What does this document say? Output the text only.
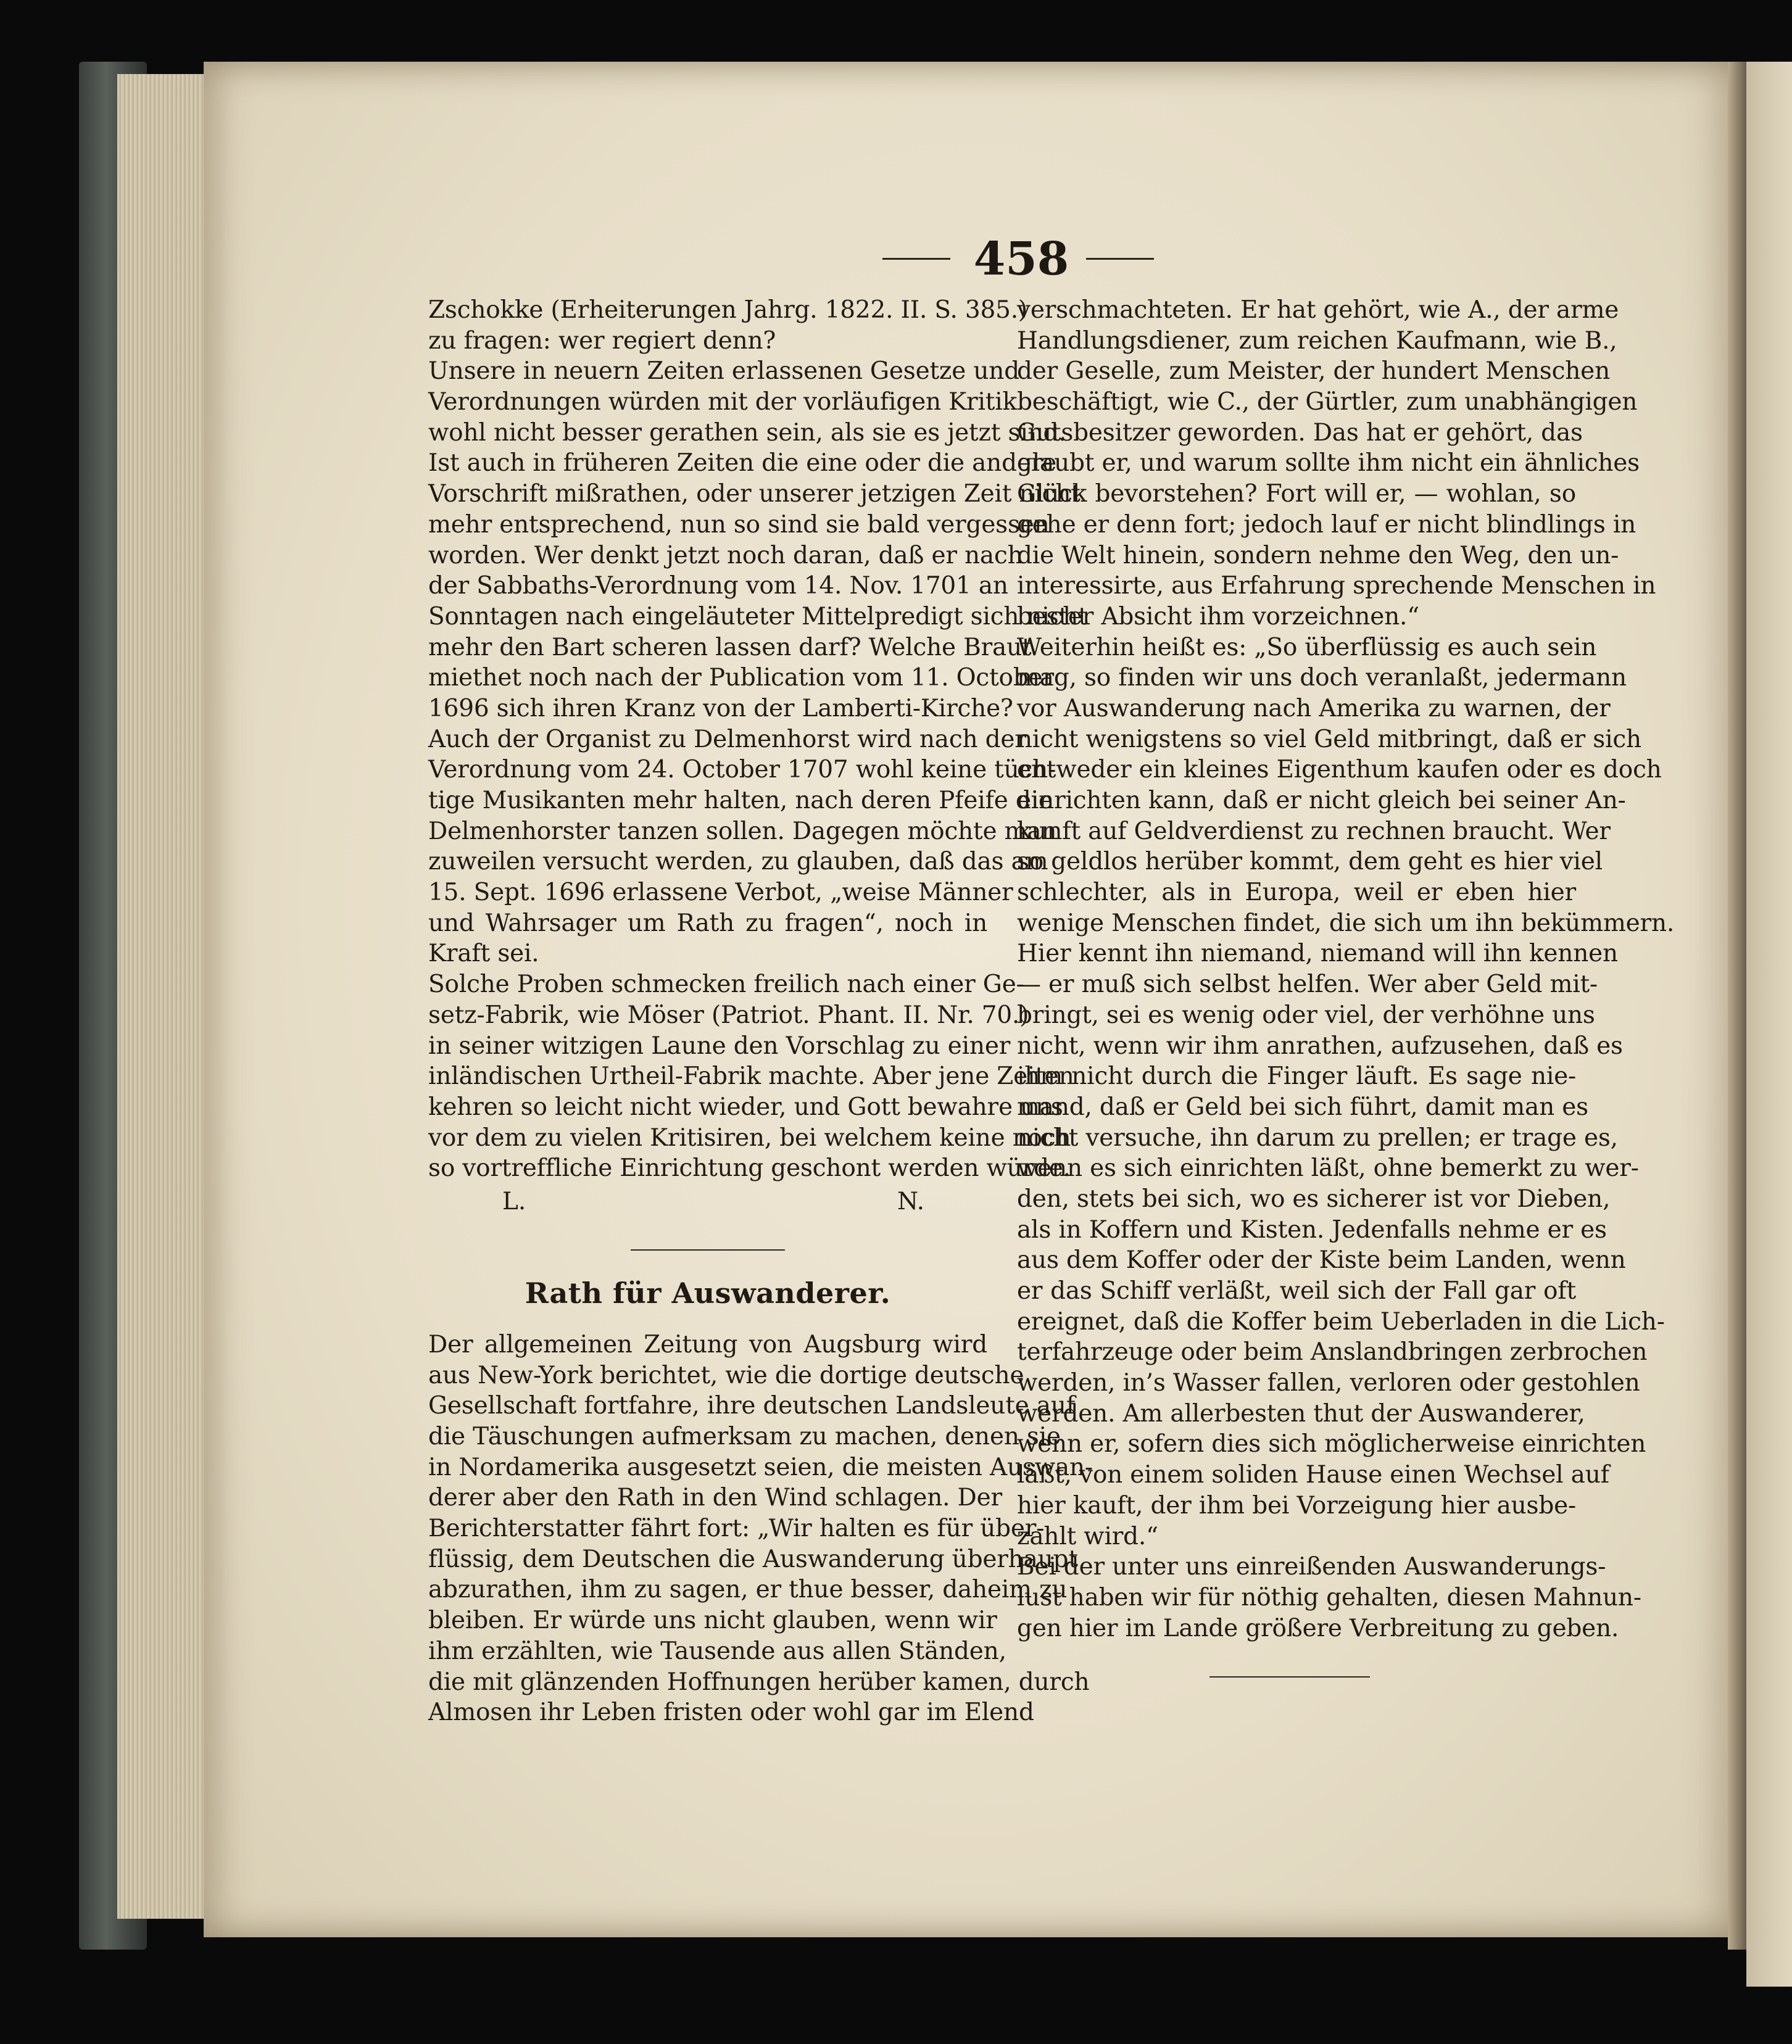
458
Zschokke (Erheiterungen Jahrg. 1822. II. S. 385.)
zu fragen: wer regiert denn?
Unsere in neuern Zeiten erlassenen Gesetze und
Verordnungen würden mit der vorläufigen Kritik
wohl nicht besser gerathen sein, als sie es jetzt sind.
Ist auch in früheren Zeiten die eine oder die andere
Vorschrift mißrathen, oder unserer jetzigen Zeit nicht
mehr entsprechend, nun so sind sie bald vergessen
worden. Wer denkt jetzt noch daran, daß er nach
der Sabbaths-Verordnung vom 14. Nov. 1701 an
Sonntagen nach eingeläuteter Mittelpredigt sich nicht
mehr den Bart scheren lassen darf? Welche Braut
miethet noch nach der Publication vom 11. October
1696 sich ihren Kranz von der Lamberti-Kirche?
Auch der Organist zu Delmenhorst wird nach der
Verordnung vom 24. October 1707 wohl keine tüch-
tige Musikanten mehr halten, nach deren Pfeife die
Delmenhorster tanzen sollen. Dagegen möchte man
zuweilen versucht werden, zu glauben, daß das am
15. Sept. 1696 erlassene Verbot, „weise Männer
und Wahrsager um Rath zu fragen“, noch in
Kraft sei.
Solche Proben schmecken freilich nach einer Ge-
setz-Fabrik, wie Möser (Patriot. Phant. II. Nr. 70.)
in seiner witzigen Laune den Vorschlag zu einer
inländischen Urtheil-Fabrik machte. Aber jene Zeiten
kehren so leicht nicht wieder, und Gott bewahre uns
vor dem zu vielen Kritisiren, bei welchem keine noch
so vortreffliche Einrichtung geschont werden würde.
L.	N.
Rath für Auswanderer.
Der allgemeinen Zeitung von Augsburg wird
aus New-York berichtet, wie die dortige deutsche
Gesellschaft fortfahre, ihre deutschen Landsleute auf
die Täuschungen aufmerksam zu machen, denen sie
in Nordamerika ausgesetzt seien, die meisten Auswan-
derer aber den Rath in den Wind schlagen. Der
Berichterstatter fährt fort: „Wir halten es für über-
flüssig, dem Deutschen die Auswanderung überhaupt
abzurathen, ihm zu sagen, er thue besser, daheim zu
bleiben. Er würde uns nicht glauben, wenn wir
ihm erzählten, wie Tausende aus allen Ständen,
die mit glänzenden Hoffnungen herüber kamen, durch
Almosen ihr Leben fristen oder wohl gar im Elend
verschmachteten. Er hat gehört, wie A., der arme
Handlungsdiener, zum reichen Kaufmann, wie B.,
der Geselle, zum Meister, der hundert Menschen
beschäftigt, wie C., der Gürtler, zum unabhängigen
Gutsbesitzer geworden. Das hat er gehört, das
glaubt er, und warum sollte ihm nicht ein ähnliches
Glück bevorstehen? Fort will er, — wohlan, so
gehe er denn fort; jedoch lauf er nicht blindlings in
die Welt hinein, sondern nehme den Weg, den un-
interessirte, aus Erfahrung sprechende Menschen in
bester Absicht ihm vorzeichnen.“
Weiterhin heißt es: „So überflüssig es auch sein
mag, so finden wir uns doch veranlaßt, jedermann
vor Auswanderung nach Amerika zu warnen, der
nicht wenigstens so viel Geld mitbringt, daß er sich
entweder ein kleines Eigenthum kaufen oder es doch
einrichten kann, daß er nicht gleich bei seiner An-
kunft auf Geldverdienst zu rechnen braucht. Wer
so geldlos herüber kommt, dem geht es hier viel
schlechter, als in Europa, weil er eben hier
wenige Menschen findet, die sich um ihn bekümmern.
Hier kennt ihn niemand, niemand will ihn kennen
— er muß sich selbst helfen. Wer aber Geld mit-
bringt, sei es wenig oder viel, der verhöhne uns
nicht, wenn wir ihm anrathen, aufzusehen, daß es
ihm nicht durch die Finger läuft. Es sage nie-
mand, daß er Geld bei sich führt, damit man es
nicht versuche, ihn darum zu prellen; er trage es,
wenn es sich einrichten läßt, ohne bemerkt zu wer-
den, stets bei sich, wo es sicherer ist vor Dieben,
als in Koffern und Kisten. Jedenfalls nehme er es
aus dem Koffer oder der Kiste beim Landen, wenn
er das Schiff verläßt, weil sich der Fall gar oft
ereignet, daß die Koffer beim Ueberladen in die Lich-
terfahrzeuge oder beim Anslandbringen zerbrochen
werden, in’s Wasser fallen, verloren oder gestohlen
werden. Am allerbesten thut der Auswanderer,
wenn er, sofern dies sich möglicherweise einrichten
läßt, von einem soliden Hause einen Wechsel auf
hier kauft, der ihm bei Vorzeigung hier ausbe-
zahlt wird.“
Bei der unter uns einreißenden Auswanderungs-
lust haben wir für nöthig gehalten, diesen Mahnun-
gen hier im Lande größere Verbreitung zu geben.
